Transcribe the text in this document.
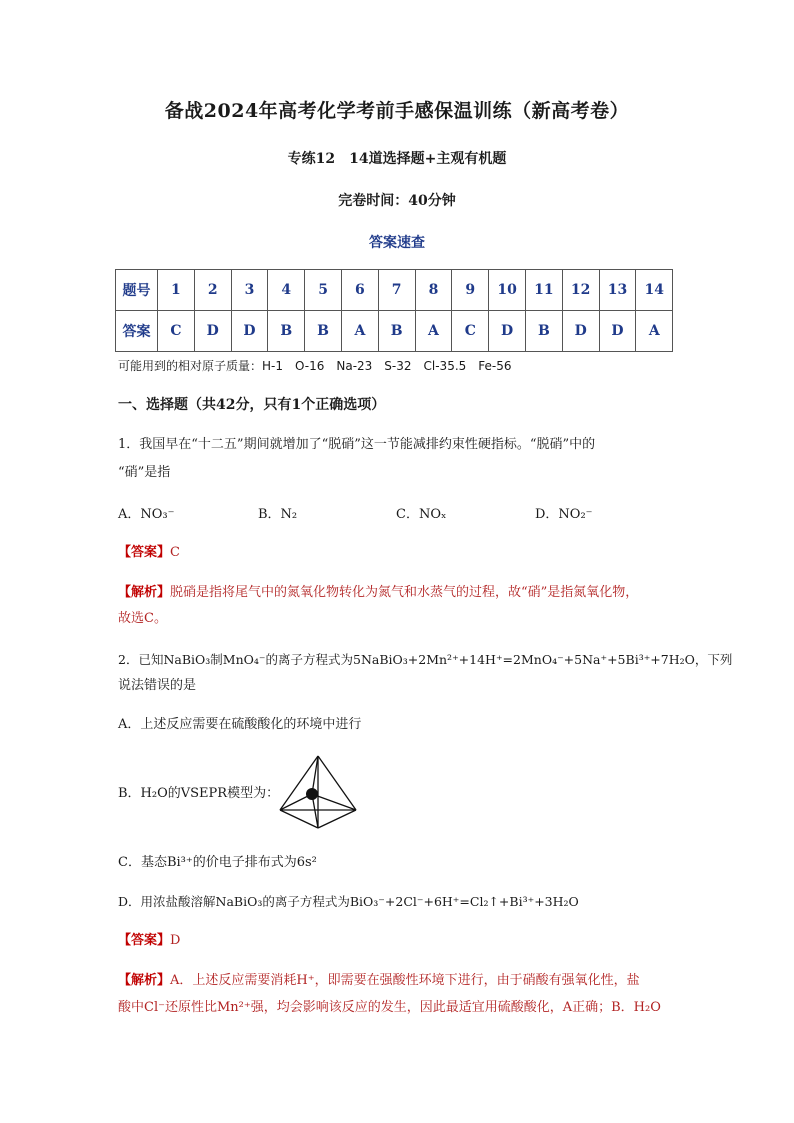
备战2024年高考化学考前手感保温训练（新高考卷）
专练12　14道选择题+主观有机题
完卷时间：40分钟
答案速查
题号	1	2	3	4	5	6	7	8	9	10	11	12	13	14
答案	C	D	D	B	B	A	B	A	C	D	B	D	D	A
可能用到的相对原子质量：H-1　O-16　Na-23　S-32　Cl-35.5　Fe-56
一、选择题（共42分，只有1个正确选项）
1．我国早在“十二五”期间就增加了“脱硝”这一节能减排约束性硬指标。“脱硝”中的
“硝”是指
A．NO₃⁻	B．N₂	C．NOₓ	D．NO₂⁻
【答案】C
【解析】脱硝是指将尾气中的氮氧化物转化为氮气和水蒸气的过程，故“硝”是指氮氧化物，
故选C。
2．已知NaBiO₃制MnO₄⁻的离子方程式为5NaBiO₃+2Mn²⁺+14H⁺=2MnO₄⁻+5Na⁺+5Bi³⁺+7H₂O，下列
说法错误的是
A．上述反应需要在硫酸酸化的环境中进行
B．H₂O的VSEPR模型为：
C．基态Bi³⁺的价电子排布式为6s²
D．用浓盐酸溶解NaBiO₃的离子方程式为BiO₃⁻+2Cl⁻+6H⁺=Cl₂↑+Bi³⁺+3H₂O
【答案】D
【解析】A．上述反应需要消耗H⁺，即需要在强酸性环境下进行，由于硝酸有强氧化性，盐
酸中Cl⁻还原性比Mn²⁺强，均会影响该反应的发生，因此最适宜用硫酸酸化，A正确；B．H₂O
